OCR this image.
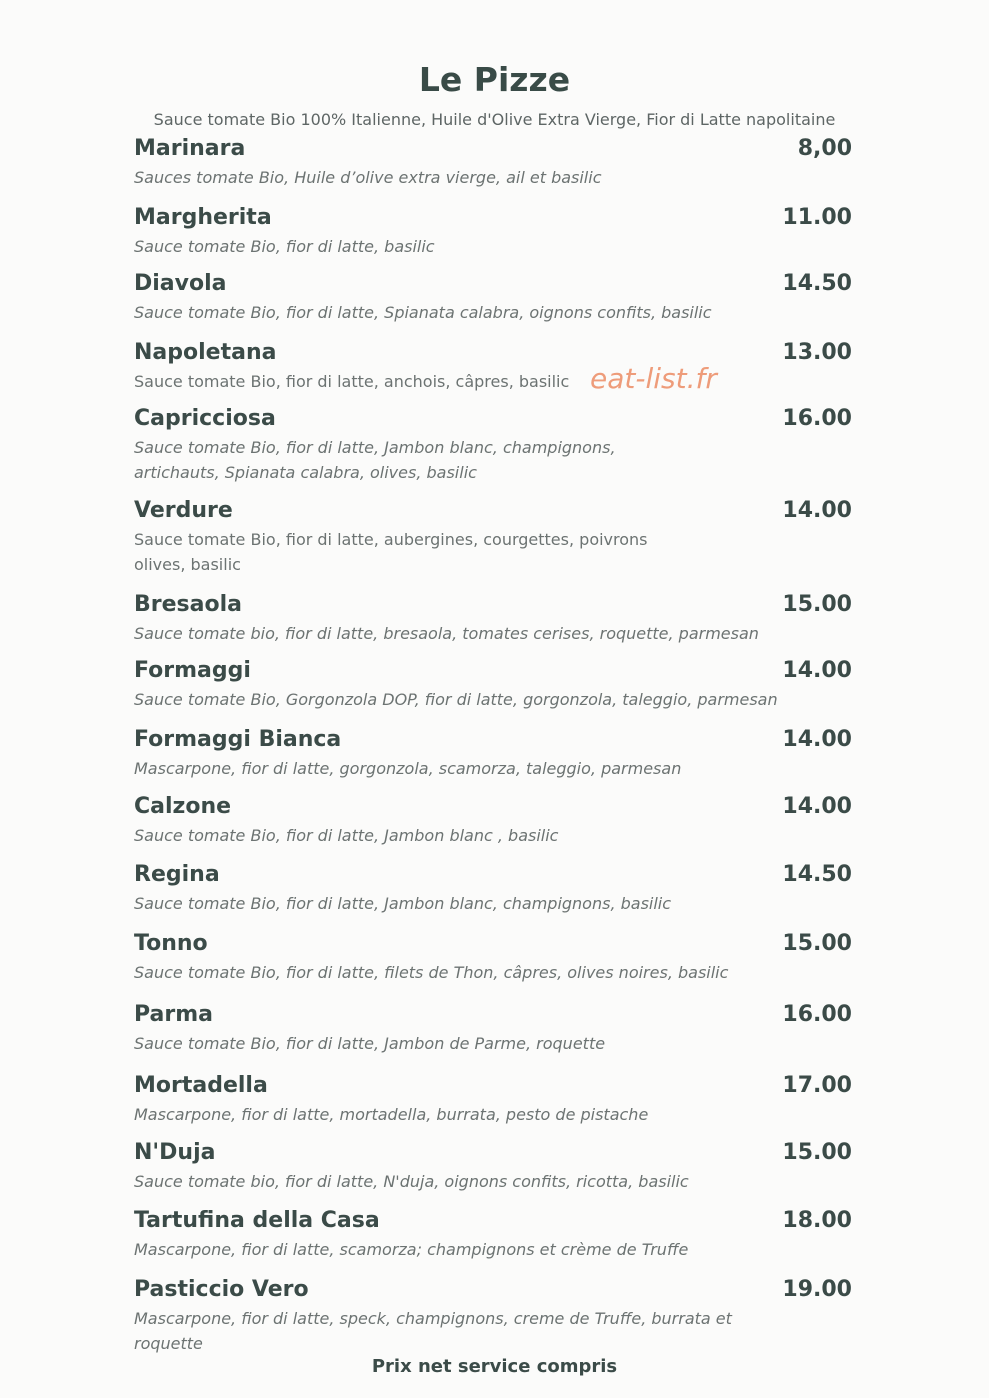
Le Pizze

Sauce tomate Bio 100% Italienne, Huile d'Olive Extra Vierge, Fior di Latte napolitaine

Marinara	8,00
Sauces tomate Bio, Huile d’olive extra vierge, ail et basilic
Margherita	11.00
Sauce tomate Bio, fior di latte, basilic
Diavola	14.50
Sauce tomate Bio, fior di latte, Spianata calabra, oignons confits, basilic
Napoletana	13.00
Sauce tomate Bio, fior di latte, anchois, câpres, basilic
Capricciosa	16.00
Sauce tomate Bio, fior di latte, Jambon blanc, champignons, artichauts, Spianata calabra, olives, basilic
Verdure	14.00
Sauce tomate Bio, fior di latte, aubergines, courgettes, poivrons olives, basilic
Bresaola	15.00
Sauce tomate bio, fior di latte, bresaola, tomates cerises, roquette, parmesan
Formaggi	14.00
Sauce tomate Bio, Gorgonzola DOP, fior di latte, gorgonzola, taleggio, parmesan
Formaggi Bianca	14.00
Mascarpone, fior di latte, gorgonzola, scamorza, taleggio, parmesan
Calzone	14.00
Sauce tomate Bio, fior di latte, Jambon blanc , basilic
Regina	14.50
Sauce tomate Bio, fior di latte, Jambon blanc, champignons, basilic
Tonno	15.00
Sauce tomate Bio, fior di latte, filets de Thon, câpres, olives noires, basilic
Parma	16.00
Sauce tomate Bio, fior di latte, Jambon de Parme, roquette
Mortadella	17.00
Mascarpone, fior di latte, mortadella, burrata, pesto de pistache
N'Duja	15.00
Sauce tomate bio, fior di latte, N'duja, oignons confits, ricotta, basilic
Tartufina della Casa	18.00
Mascarpone, fior di latte, scamorza; champignons et crème de Truffe
Pasticcio Vero	19.00
Mascarpone, fior di latte, speck, champignons, creme de Truffe, burrata et roquette
eat-list.fr
Prix net service compris
